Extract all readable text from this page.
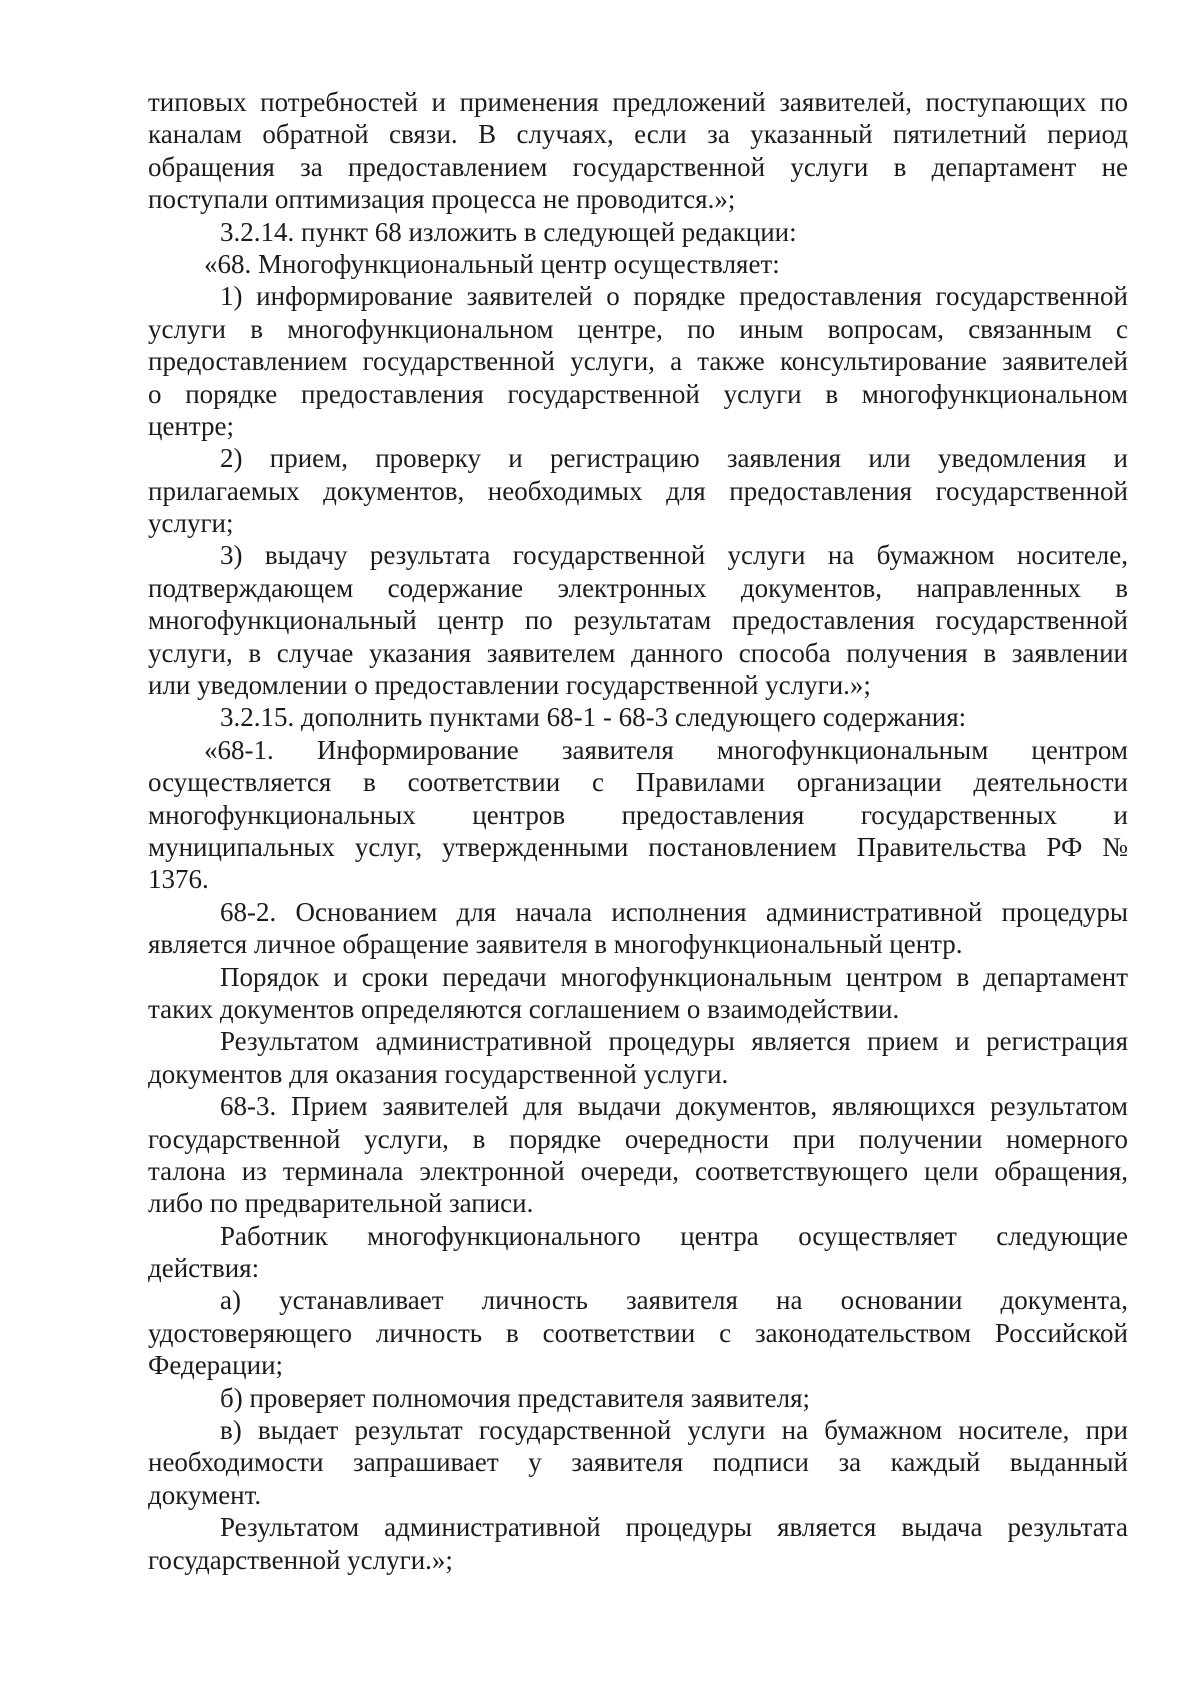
типовых потребностей и применения предложений заявителей, поступающих по
каналам обратной связи. В случаях, если за указанный пятилетний период
обращения за предоставлением государственной услуги в департамент не
поступали оптимизация процесса не проводится.»;
3.2.14. пункт 68 изложить в следующей редакции:
«68. Многофункциональный центр осуществляет:
1) информирование заявителей о порядке предоставления государственной
услуги в многофункциональном центре, по иным вопросам, связанным с
предоставлением государственной услуги, а также консультирование заявителей
о порядке предоставления государственной услуги в многофункциональном
центре;
2) прием, проверку и регистрацию заявления или уведомления и
прилагаемых документов, необходимых для предоставления государственной
услуги;
3) выдачу результата государственной услуги на бумажном носителе,
подтверждающем содержание электронных документов, направленных в
многофункциональный центр по результатам предоставления государственной
услуги, в случае указания заявителем данного способа получения в заявлении
или уведомлении о предоставлении государственной услуги.»;
3.2.15. дополнить пунктами 68-1 - 68-3 следующего содержания:
«68-1. Информирование заявителя многофункциональным центром
осуществляется в соответствии с Правилами организации деятельности
многофункциональных центров предоставления государственных и
муниципальных услуг, утвержденными постановлением Правительства РФ №
1376.
68-2. Основанием для начала исполнения административной процедуры
является личное обращение заявителя в многофункциональный центр.
Порядок и сроки передачи многофункциональным центром в департамент
таких документов определяются соглашением о взаимодействии.
Результатом административной процедуры является прием и регистрация
документов для оказания государственной услуги.
68-3. Прием заявителей для выдачи документов, являющихся результатом
государственной услуги, в порядке очередности при получении номерного
талона из терминала электронной очереди, соответствующего цели обращения,
либо по предварительной записи.
Работник многофункционального центра осуществляет следующие
действия:
а) устанавливает личность заявителя на основании документа,
удостоверяющего личность в соответствии с законодательством Российской
Федерации;
б) проверяет полномочия представителя заявителя;
в) выдает результат государственной услуги на бумажном носителе, при
необходимости запрашивает у заявителя подписи за каждый выданный
документ.
Результатом административной процедуры является выдача результата
государственной услуги.»;
